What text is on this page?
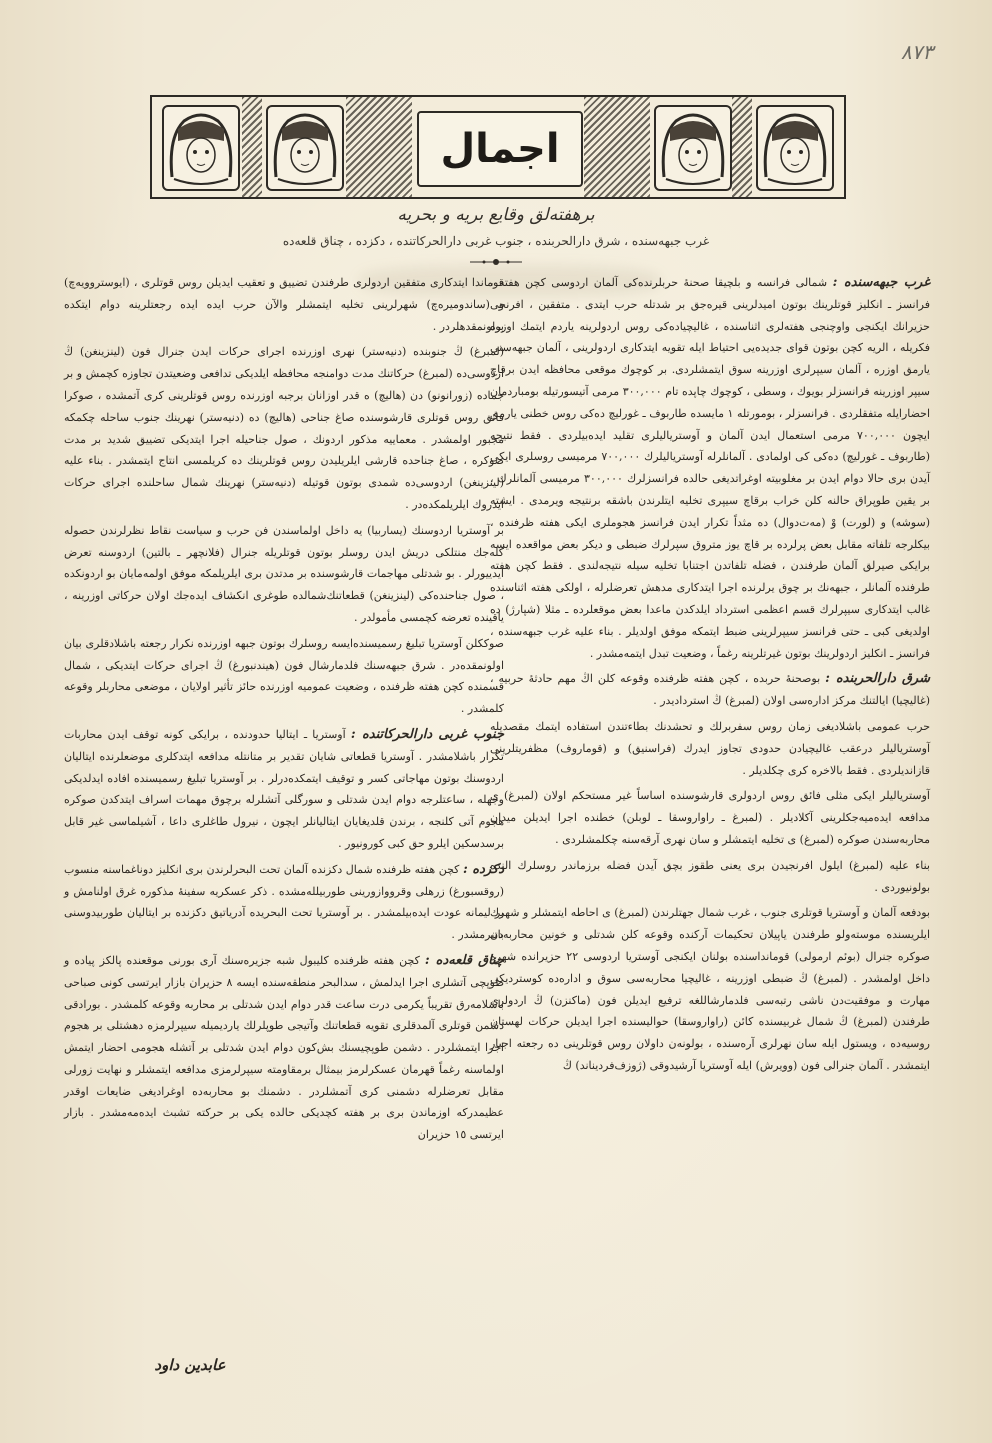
٨٧٣
اجمال
برهفته‌لق وقایع بریه و بحریه
غرب جبهه‌سنده ، شرق دارالحربنده ، جنوب غربی دارالحرکاتنده ، دكزده ، چناق قلعه‌ده

غرب جبهه‌سنده : شمالی فرانسه و بلچیقا صحنهٔ حربلرنده‌كی آلمان اردوسی كچن هفته ، فرانسز ـ انكلیز قوتلرینك بوتون امیدلرینی قیره‌جق بر شدتله حرب ایتدی . متفقین ، افرنجی حزیرانك ایكنجی واوچنجی هفته‌لری اثناسنده ، غالیچیاده‌كی روس اردولرینه یاردم ایتمك اوزره فكریله ، الریه كچن بوتون قوای جدیده‌یی احتیاط ایله تقویه ایتدكاری اردولرینی ، آلمان جبهه‌سنی یارمق اوزره ، آلمان سیپرلری اوزرینه سوق ایتمشلردی. بر كوچوك موقعی محافظه ایدن برقاچ سیپر اوزرینه فرانسزلر بویوك ، وسطی ، كوچوك چاپده تام ٣٠٠,٠٠٠ مرمی آتیسورتیله بومباردمان احضارایله متفقلردی . فرانسزلر ، بومورتله ١ مایسده طاربوف ـ غورلیچ ده‌كی روس خطنی یارمق ایچون ٧٠٠,٠٠٠ مرمی استعمال ایدن آلمان و آوستریالیلری تقلید ایده‌بیلردی . فقط نتیجه (طاربوف ـ غورلیچ) ده‌كی كی اولمادی . آلمانلرله آوستریالیلرك ٧٠٠,٠٠٠ مرمیسی روسلری ایكی آیدن بری حالا دوام ایدن بر مغلوبیته اوغراتدیغی حالده فرانسزلرك ٣٠٠,٠٠٠ مرمیسی آلمانلرك ، بر یقین طوپراق حالنه كلن خراب برقاچ سیپری تخلیه ایتلرندن باشقه برنتیجه ویرمدی . ایشته (سوشه) و (لورت) وْ (مه‌ت‌دوال) ده مثداً تكرار ایدن فرانسز هجوملری ایكی هفته ظرفنده ، بیكلرجه تلفاته مقابل بعض پرلرده بر قاچ یوز متروق سپرلرك ضبطی و دیكر بعض مواقعده ایسه برایكی صیرلق آلمان طرفندن ، فضله تلفاتدن اجتنابا تخلیه سیله نتیجه‌لندی . فقط كچن هفته طرفنده آلمانلر ، جبهه‌نك بر چوق یرلرنده اجرا ایتدكاری مدهش تعرضلرله ، اولكی هفته اثناسنده غالب ایتدكاری سیپرلرك قسم اعظمی استرداد ایلدكدن ماعدا بعض موقعلرده ـ مثلا (شپارژ) ده اولدیغی كبی ـ حتی فرانسز سیپرلرینی ضبط ایتمكه موفق اولدیلر . بناء علیه غرب جبهه‌سنده ، فرانسز ـ انكلیز اردولرینك بوتون غیرتلرینه رغماً ، وضعیت تبدل ایتمه‌مشدر .

شرق دارالحربنده : بوصحنهٔ حربده ، كچن هفته ظرفنده وقوعه كلن اڭ مهم حادثهٔ حربیه ، (غالیچیا) ایالتنك مركز اداره‌سی اولان (لمبرغ) ڭ استردادیدر .

حرب عمومی باشلادیغی زمان روس سفربرلك و تحشدنك بطاءتندن استفاده ایتمك مقصدیله آوستریالیلر درعقب غالیچیادن حدودی تجاوز ایدرك (فراسنیق) و (قوماروف) مظفریتلرینی قازاندیلردی . فقط بالاخره كری چكلدیلر .

آوستریالیلر ایكی مثلی فائق روس اردولری قارشوسنده اساساً غیر مستحكم اولان (لمبرغ) ی مدافعه ایده‌میه‌جكلرینی آكلادیلر . (لمبرغ ـ راواروسقا ـ لوبلن) خطنده اجرا ایدیلن میدان محاربه‌سندن صوكره (لمبرغ) ی تخلیه ایتمشلر و سان نهری آرقه‌سنه چكلمشلردی .

بناء علیه (لمبرغ) ایلول افرنجیدن بری یعنی طقوز بچق آیدن فضله برزماندر روسلرك النده بولونیوردی .

بودفعه آلمان و آوستریا قوتلری جنوب ، غرب شمال جهتلرندن (لمبرغ) ی احاطه ایتمشلر و شهرك ایلریسنده موسته‌ولو طرفندن یاپیلان تحكیمات آركنده وقوعه كلن شدتلی و خونین محاربه‌دن صوكره جنرال (بوئم ارمولی) قومانداسنده بولنان ایكنجی آوستریا اردوسی ٢٢ حزیرانده شهره داخل اولمشدر . (لمبرغ) ڭ ضبطی اوزرینه ، غالیچیا محاربه‌سی سوق و اداره‌ده كوستردیكی مهارت و موفقیت‌دن ناشی رتبه‌سی فلدمارشاللغه ترفیع ایدیلن فون (ماكنزن) ڭ اردولری طرفندن (لمبرغ) ڭ شمال غربیسنده كائن (راواروسقا) حوالیسنده اجرا ایدیلن حركات لهستان روسیه‌ده ، ویستول ایله سان نهرلری آره‌سنده ، بولونه‌ن داولان روس قوتلرینی ده رجعته اجبار ایتمشدر . آلمان جنرالی فون (وویرش) ایله آوستریا آرشیدوقی (ژوزف‌فردیناند) ڭ

قوماندا ایتدكاری متفقین اردولری طرفندن تضییق و تعقیب ایدیلن روس قوتلری ، (ایوستروویه‌چ) و (ساندومیره‌چ) شهرلرینی تخلیه ایتمشلر والآن حرب ایده ایده رجعتلرینه دوام ایتكده بولونمقدهلردر .

(لمبرغ) ڭ جنوبنده (دنیه‌ستر) نهری اوزرنده اجرای حركات ایدن جنرال فون (لینزینغن) ڭ اردوسی‌ده (لمبرغ) حركاتنك مدت دوامنجه محافظه ایلدیكی تدافعی وضعیتدن تجاوزه كچمش و بر جماده (زورانونو) دن (هالیچ) ه قدر اوزانان برجبه اوزرنده روس قوتلرینی كری آتمشده ، صوكرا فائق روس قوتلری قارشوسنده صاغ جناحی (هالیچ) ده (دنیه‌ستر) نهرینك جنوب ساحله چكمكه مجبور اولمشدر . معماییه مذكور اردونك ، صول جناحیله اجرا ایتدیكی تضییق شدید بر مدت صوكره ، صاغ جناحده قارشی ایلریلیدن روس قوتلرینك ده كریلمسی انتاج ایتمشدر . بناء علیه (لینزینغن) اردوسی‌ده شمدی بوتون قوتیله (دنیه‌ستر) نهرینك شمال ساحلنده اجرای حركات ایدروك ایلریلمكده‌در .

بر آوستریا اردوسنك (یساربیا) یه داخل اولماسندن فن حرب و سیاست نقاط نظرلرندن حصوله كله‌جك منتلكی دریش ایدن روسلر بوتون قوتلریله جنرال (فلانچهر ـ بالتین) اردوسنه تعرض ایدییورلر . بو شدتلی مهاجمات قارشوسنده بر مدتدن بری ایلریلمكه موفق اولمه‌مایان بو اردونكده ، صول جناحنده‌كی (لینزینغن) قطعاتنك‌شمالده طوغری انكشاف ایده‌جك اولان حركاتی اوزرینه ، یاقینده تعرضه كچمسی مأمولدر .

صوككلن آوستریا تبلیغ رسمیسنده‌ایسه روسلرك بوتون جبهه اوزرنده نكرار رجعته باشلادقلری بیان اولونمقده‌در . شرق جبهه‌سنك فلدمارشال فون (هیندنبورغ) ڭ اجرای حركات ایتدیكی ، شمال قسمنده كچن هفته ظرفنده ، وضعیت عمومیه اوزرنده حائز تأثیر اولایان ، موضعی محاربلر وقوعه كلمشدر .

جنوب غربی دارالحركاتنده : آوستریا ـ ایتالیا حدودنده ، برایكی كونه توقف ایدن محاربات تكرار باشلامشدر . آوستریا قطعاتی شایان تقدیر بر متانتله مدافعه ایتدكلری موضعلرنده ایتالیان اردوسنك بوتون مهاجاتی كسر و توقیف ایتمكده‌درلر . بر آوستریا تبلیغ رسمیسنده افاده ایدلدیكی وجهله ، ساعتلرجه دوام ایدن شدتلی و سورگلی آتشلرله برچوق مهمات اسراف ایتدكدن صوكره هجوم آتی كلنجه ، برندن قلدیغایان ایتالیانلر ایچون ، نیرول طاغلری داعا ، آشیلماسی غیر قابل برسدسكین ایلرو حق كبی كورونیور .

دكزده : كچن هفته ظرفنده شمال دكزنده آلمان تحت البحرلرندن بری انكلیز دوناغماسنه منسوب (روقسبورغ) زرهلی وقرووازورینی طوربیلله‌مشده . ذكر عسكریه سفینهٔ مذكوره غرق اولنامش و بر لیمانه عودت ایده‌بیلمشدر . بر آوستریا تحت البحریده آدریاتیق دكزنده بر ایتالیان طوربیدوسنی باتیرمشدر .

چناق قلعه‌ده : كچن هفته ظرفنده كلیبول شبه جزیره‌سنك آری بورنی موقعنده پالكز پیاده و طوپچی آتشلری اجرا ایدلمش ، سدالبحر منطقه‌سنده ایسه ٨ حزیران بازار ایرتسی كونی صباحی باشلامه‌رق تقریباً یكرمی درت ساعت قدر دوام ایدن شدتلی بر محاربه وقوعه كلمشدر . بورادقی دشمن قوتلری آلمدقلری تقویه قطعاتنك وآتیجی طوپلرلك یاردیمیله سیپرلرمزه دهشتلی بر هجوم اجرا ایتمشلردر . دشمن طوپچیسنك بش‌كون دوام ایدن شدتلی بر آتشله هجومی احضار ایتمش اولماسنه رغماً قهرمان عسكرلرمز بیمثال برمقاومته سیپرلرمزی مدافعه ایتمشلر و نهایت زورلی مقابل تعرضلرله دشمنی كری آتمشلردر . دشمنك بو محاربه‌ده اوغرادیغی ضایعات اوقدر عظیمدركه اوزماندن بری بر هفته كچدیكی حالده یكی بر حركته تشبث ایده‌مه‌مشدر . بازار ایرتسی ١٥ حزیران

عابدین داود
